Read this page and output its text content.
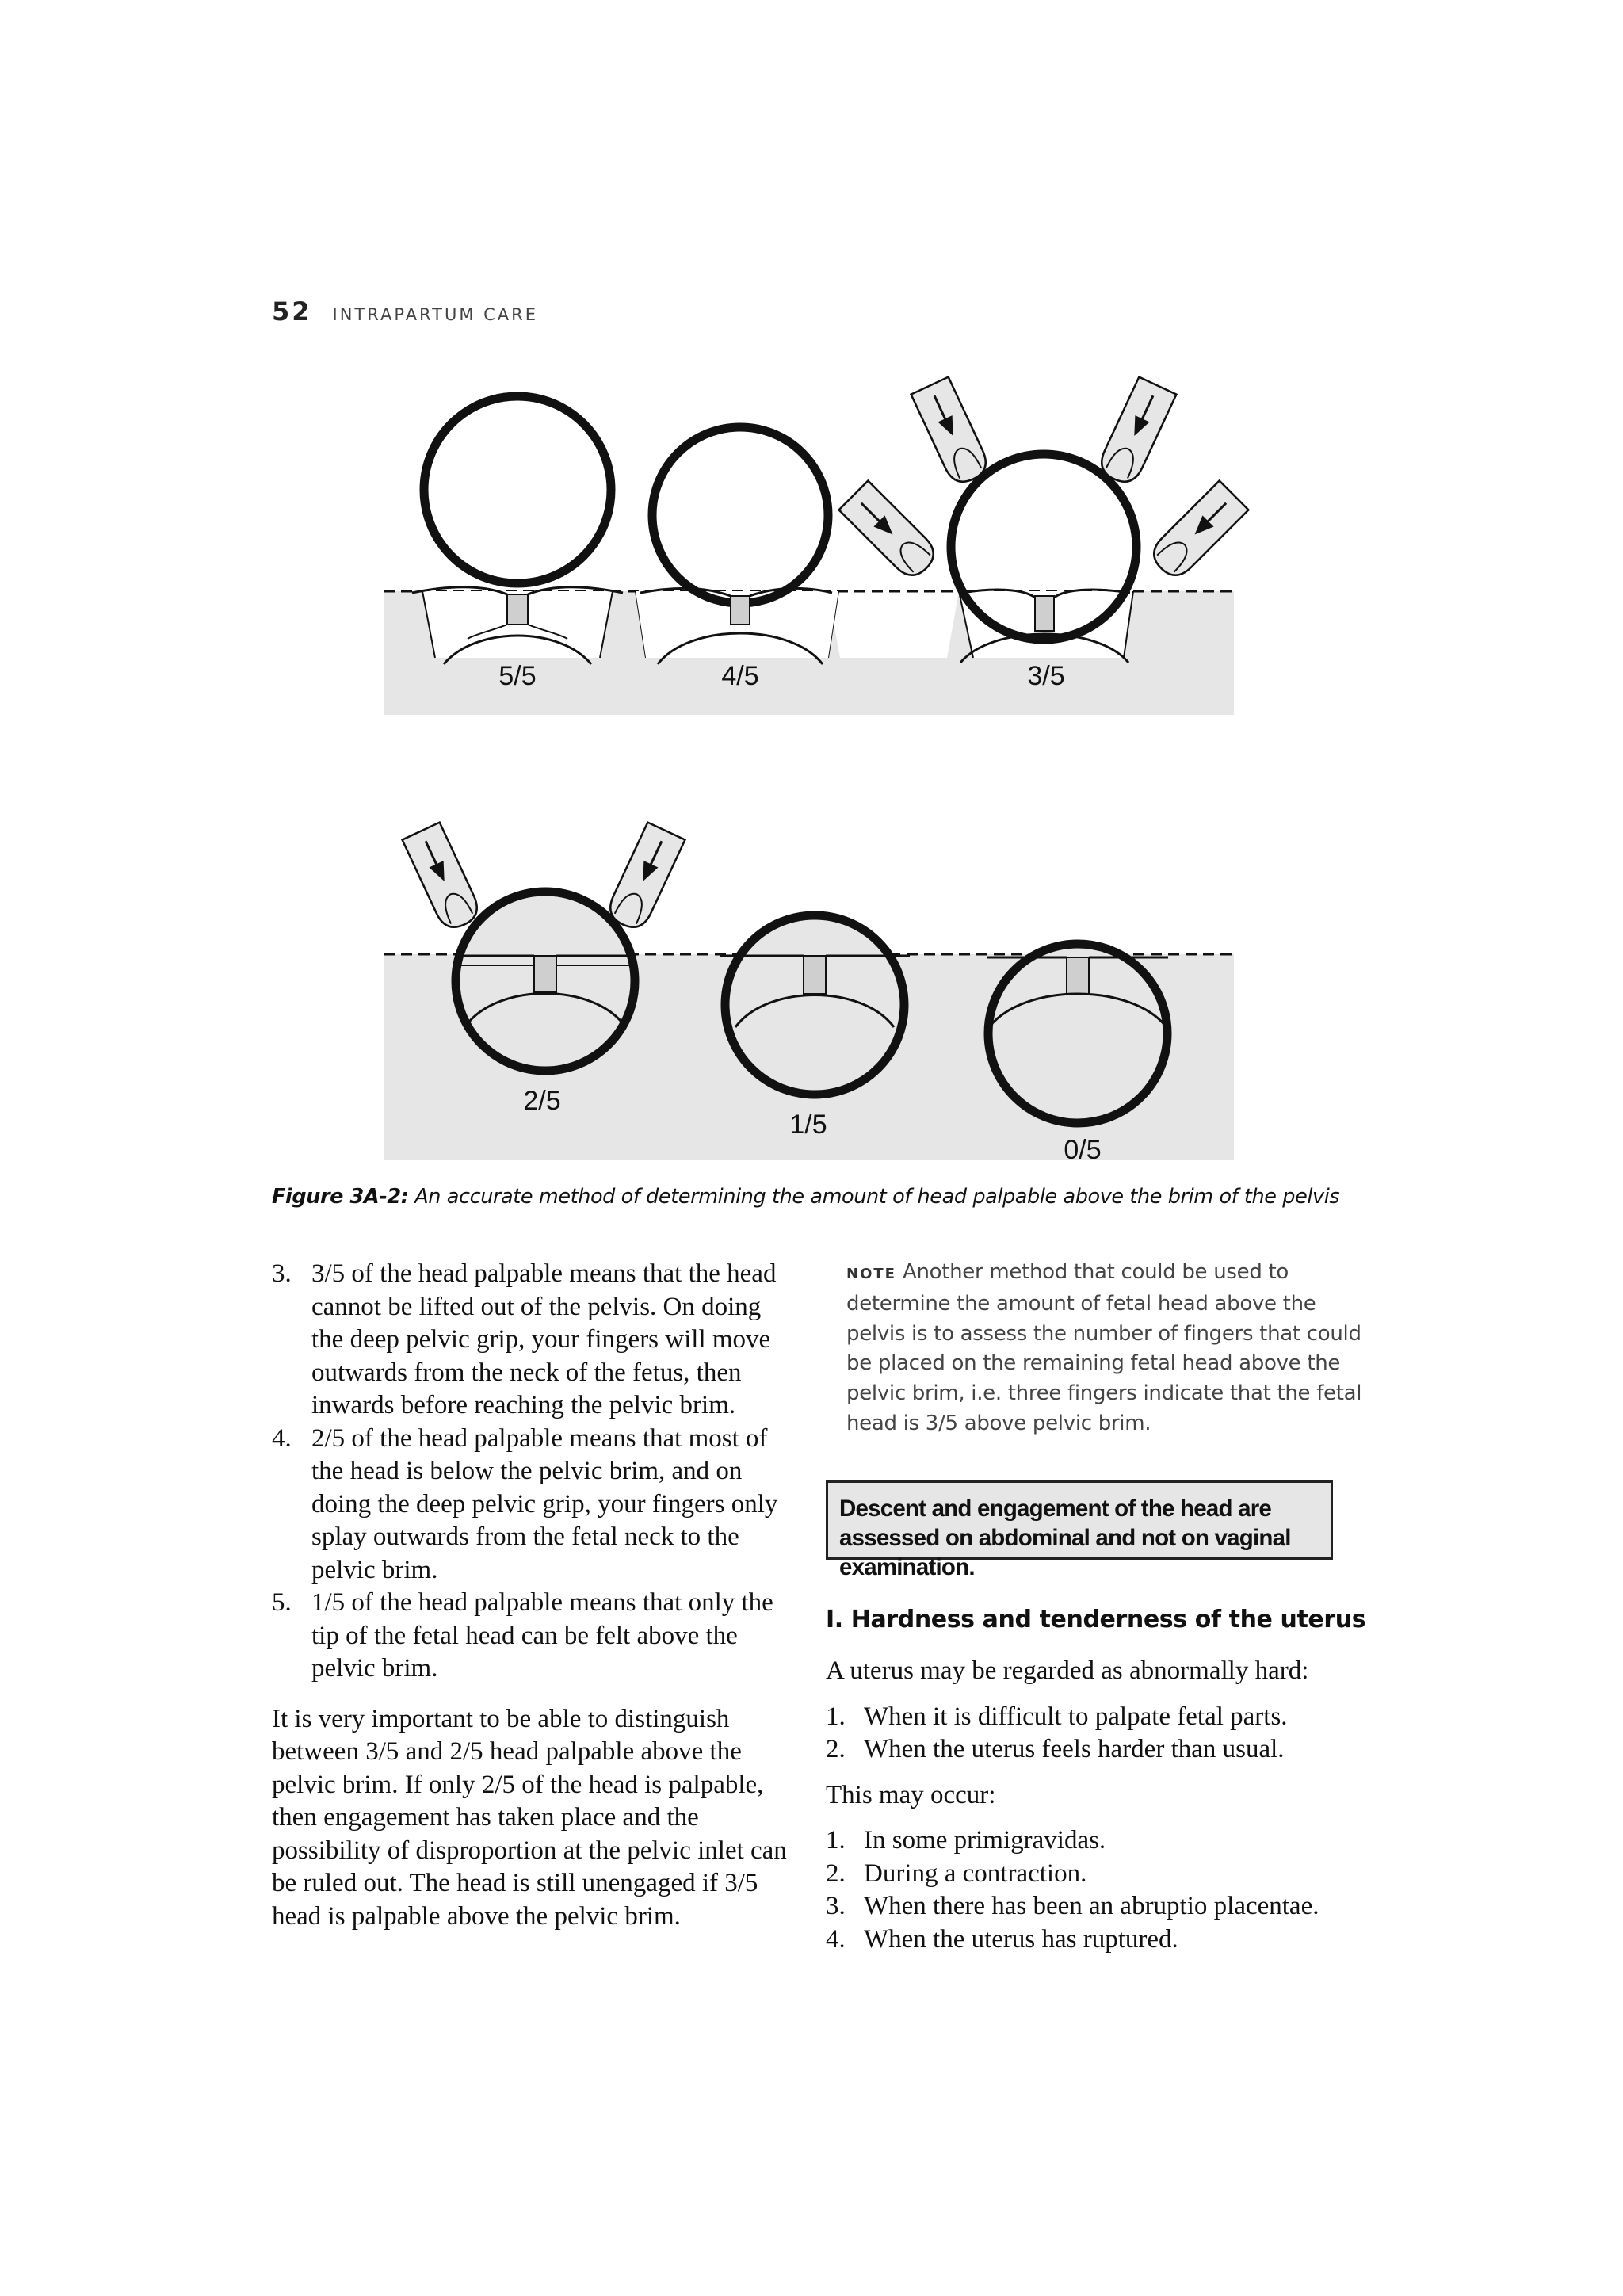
52 INTRAPARTUM CARE
5/5	4/5	3/5
2/5
1/5
0/5
Figure 3A-2: An accurate method of determining the amount of head palpable above the brim of the pelvis
3. 3/5 of the head palpable means that the head cannot be lifted out of the pelvis. On doing the deep pelvic grip, your fingers will move outwards from the neck of the fetus, then inwards before reaching the pelvic brim.
4. 2/5 of the head palpable means that most of the head is below the pelvic brim, and on doing the deep pelvic grip, your fingers only splay outwards from the fetal neck to the pelvic brim.
5. 1/5 of the head palpable means that only the tip of the fetal head can be felt above the pelvic brim.

It is very important to be able to distinguish between 3/5 and 2/5 head palpable above the pelvic brim. If only 2/5 of the head is palpable, then engagement has taken place and the possibility of disproportion at the pelvic inlet can be ruled out. The head is still unengaged if 3/5 head is palpable above the pelvic brim.

NOTE Another method that could be used to determine the amount of fetal head above the pelvis is to assess the number of fingers that could be placed on the remaining fetal head above the pelvic brim, i.e. three fingers indicate that the fetal head is 3/5 above pelvic brim.
Descent and engagement of the head are assessed on abdominal and not on vaginal examination.
I. Hardness and tenderness of the uterus

A uterus may be regarded as abnormally hard:

1. When it is difficult to palpate fetal parts.
2. When the uterus feels harder than usual.

This may occur:

1. In some primigravidas.
2. During a contraction.
3. When there has been an abruptio placentae.
4. When the uterus has ruptured.
